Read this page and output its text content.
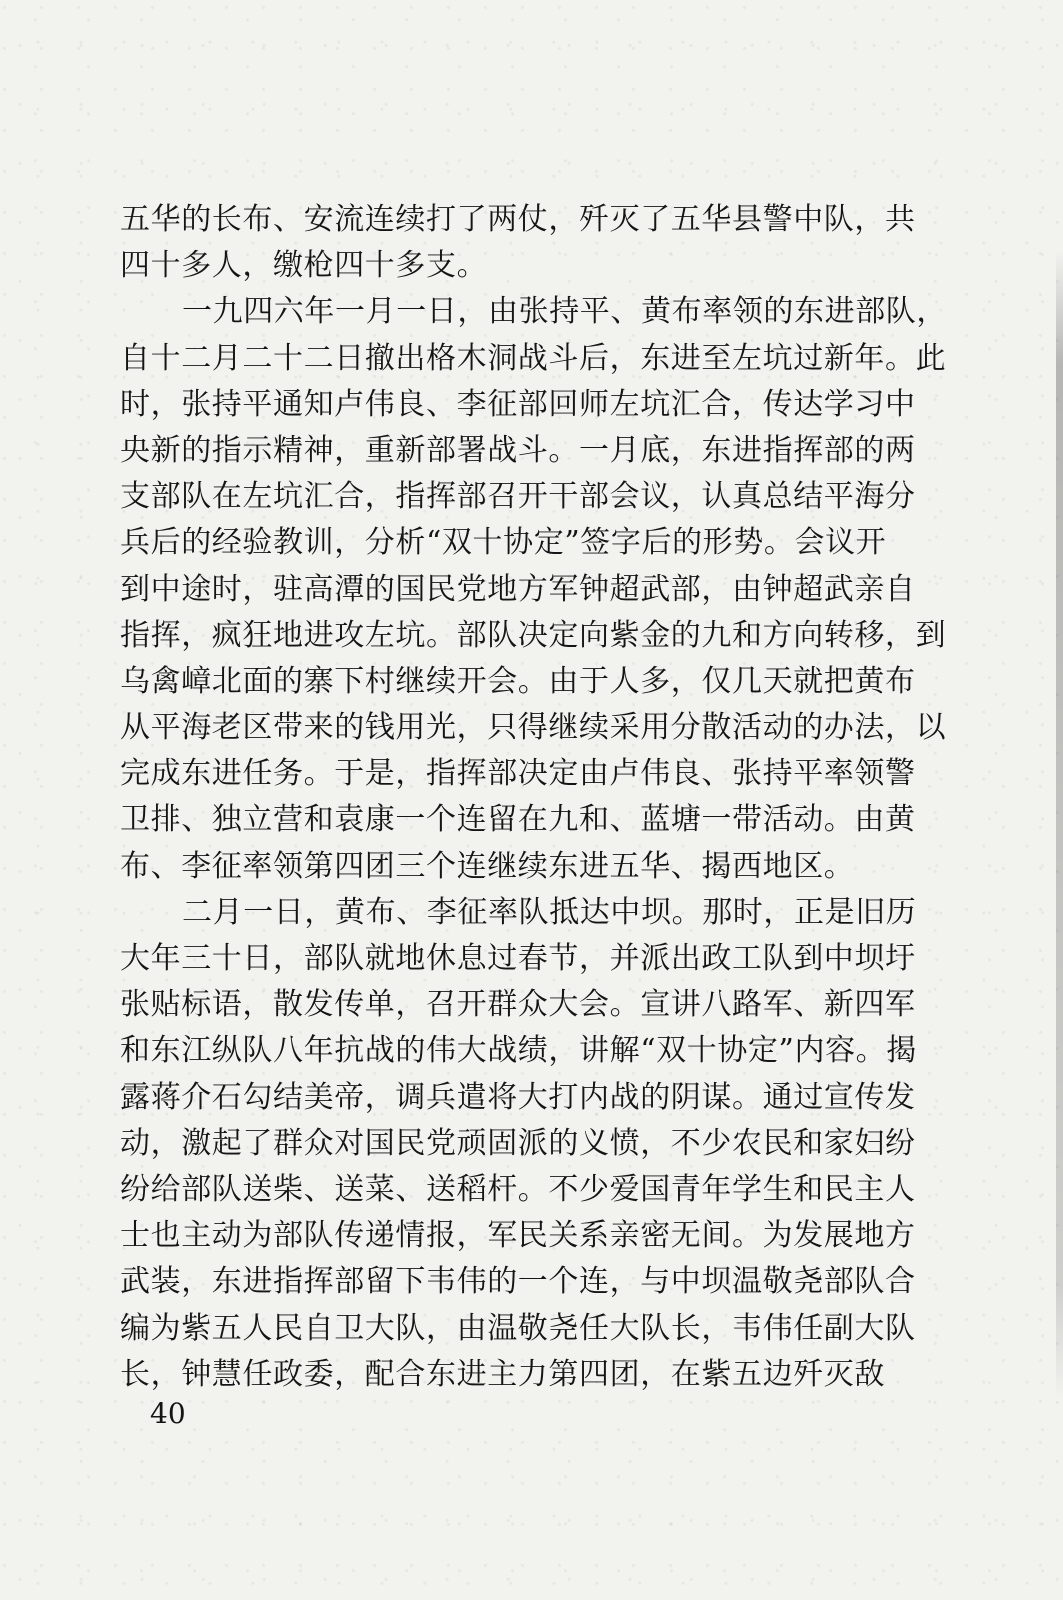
五华的长布、安流连续打了两仗，歼灭了五华县警中队，共
四十多人，缴枪四十多支。
一九四六年一月一日，由张持平、黄布率领的东进部队，
自十二月二十二日撤出格木洞战斗后，东进至左坑过新年。此
时，张持平通知卢伟良、李征部回师左坑汇合，传达学习中
央新的指示精神，重新部署战斗。一月底，东进指挥部的两
支部队在左坑汇合，指挥部召开干部会议，认真总结平海分
兵后的经验教训，分析“双十协定”签字后的形势。会议开
到中途时，驻高潭的国民党地方军钟超武部，由钟超武亲自
指挥，疯狂地进攻左坑。部队决定向紫金的九和方向转移，到
乌禽嶂北面的寨下村继续开会。由于人多，仅几天就把黄布
从平海老区带来的钱用光，只得继续采用分散活动的办法，以
完成东进任务。于是，指挥部决定由卢伟良、张持平率领警
卫排、独立营和袁康一个连留在九和、蓝塘一带活动。由黄
布、李征率领第四团三个连继续东进五华、揭西地区。
二月一日，黄布、李征率队抵达中坝。那时，正是旧历
大年三十日，部队就地休息过春节，并派出政工队到中坝圩
张贴标语，散发传单，召开群众大会。宣讲八路军、新四军
和东江纵队八年抗战的伟大战绩，讲解“双十协定”内容。揭
露蒋介石勾结美帝，调兵遣将大打内战的阴谋。通过宣传发
动，激起了群众对国民党顽固派的义愤，不少农民和家妇纷
纷给部队送柴、送菜、送稻杆。不少爱国青年学生和民主人
士也主动为部队传递情报，军民关系亲密无间。为发展地方
武装，东进指挥部留下韦伟的一个连，与中坝温敬尧部队合
编为紫五人民自卫大队，由温敬尧任大队长，韦伟任副大队
长，钟慧任政委，配合东进主力第四团，在紫五边歼灭敌
40
